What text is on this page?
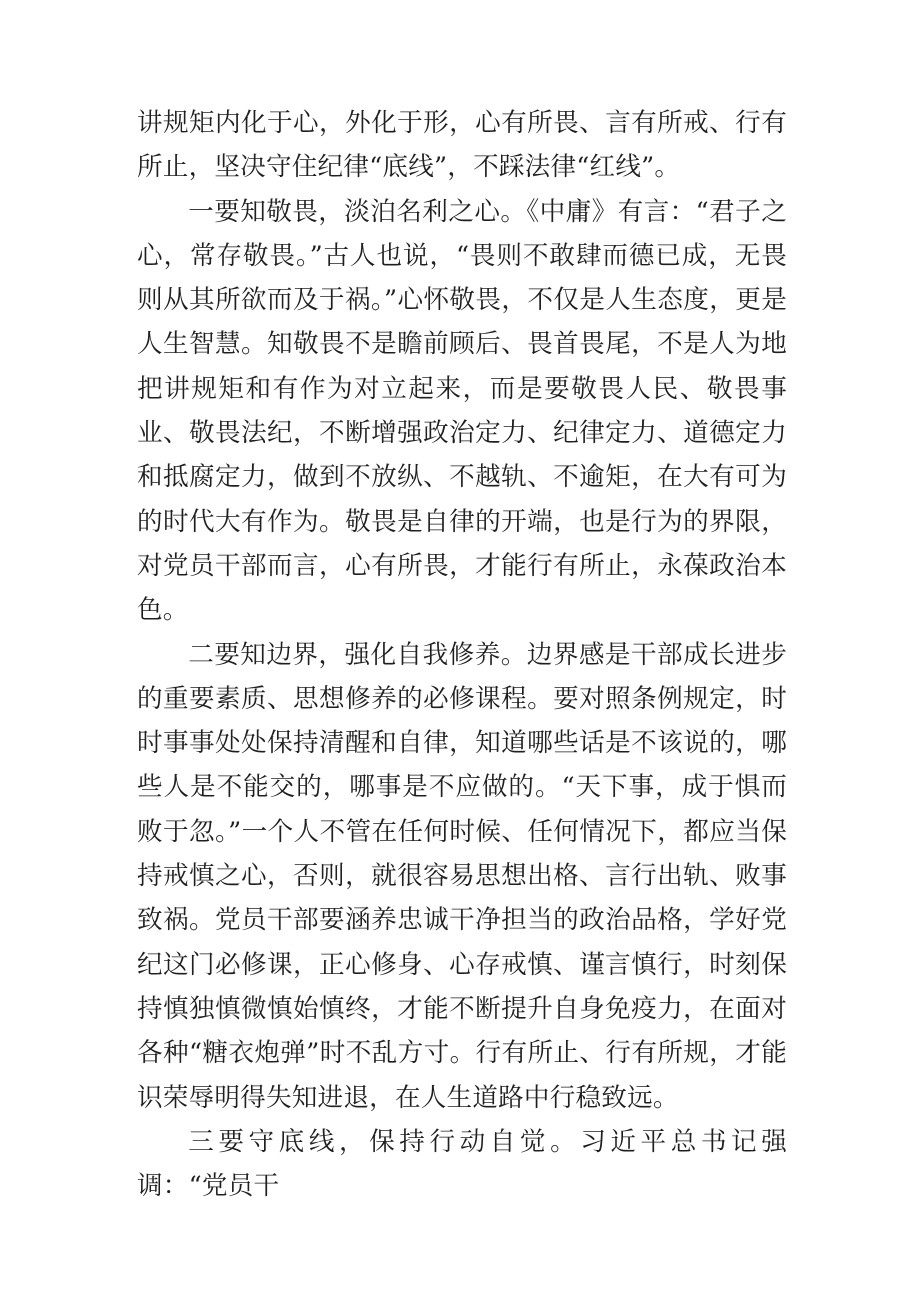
讲规矩内化于心，外化于形，心有所畏、言有所戒、行有所止，坚决守住纪律“底线”，不踩法律“红线”。

一要知敬畏，淡泊名利之心。《中庸》有言：“君子之心，常存敬畏。”古人也说，“畏则不敢肆而德已成，无畏则从其所欲而及于祸。”心怀敬畏，不仅是人生态度，更是人生智慧。知敬畏不是瞻前顾后、畏首畏尾，不是人为地把讲规矩和有作为对立起来，而是要敬畏人民、敬畏事业、敬畏法纪，不断增强政治定力、纪律定力、道德定力和抵腐定力，做到不放纵、不越轨、不逾矩，在大有可为的时代大有作为。敬畏是自律的开端，也是行为的界限，对党员干部而言，心有所畏，才能行有所止，永葆政治本色。

二要知边界，强化自我修养。边界感是干部成长进步的重要素质、思想修养的必修课程。要对照条例规定，时时事事处处保持清醒和自律，知道哪些话是不该说的，哪些人是不能交的，哪事是不应做的。“天下事，成于惧而败于忽。”一个人不管在任何时候、任何情况下，都应当保持戒慎之心，否则，就很容易思想出格、言行出轨、败事致祸。党员干部要涵养忠诚干净担当的政治品格，学好党纪这门必修课，正心修身、心存戒慎、谨言慎行，时刻保持慎独慎微慎始慎终，才能不断提升自身免疫力，在面对各种“糖衣炮弹”时不乱方寸。行有所止、行有所规，才能识荣辱明得失知进退，在人生道路中行稳致远。

三要守底线，保持行动自觉。习近平总书记强调：“党员干
